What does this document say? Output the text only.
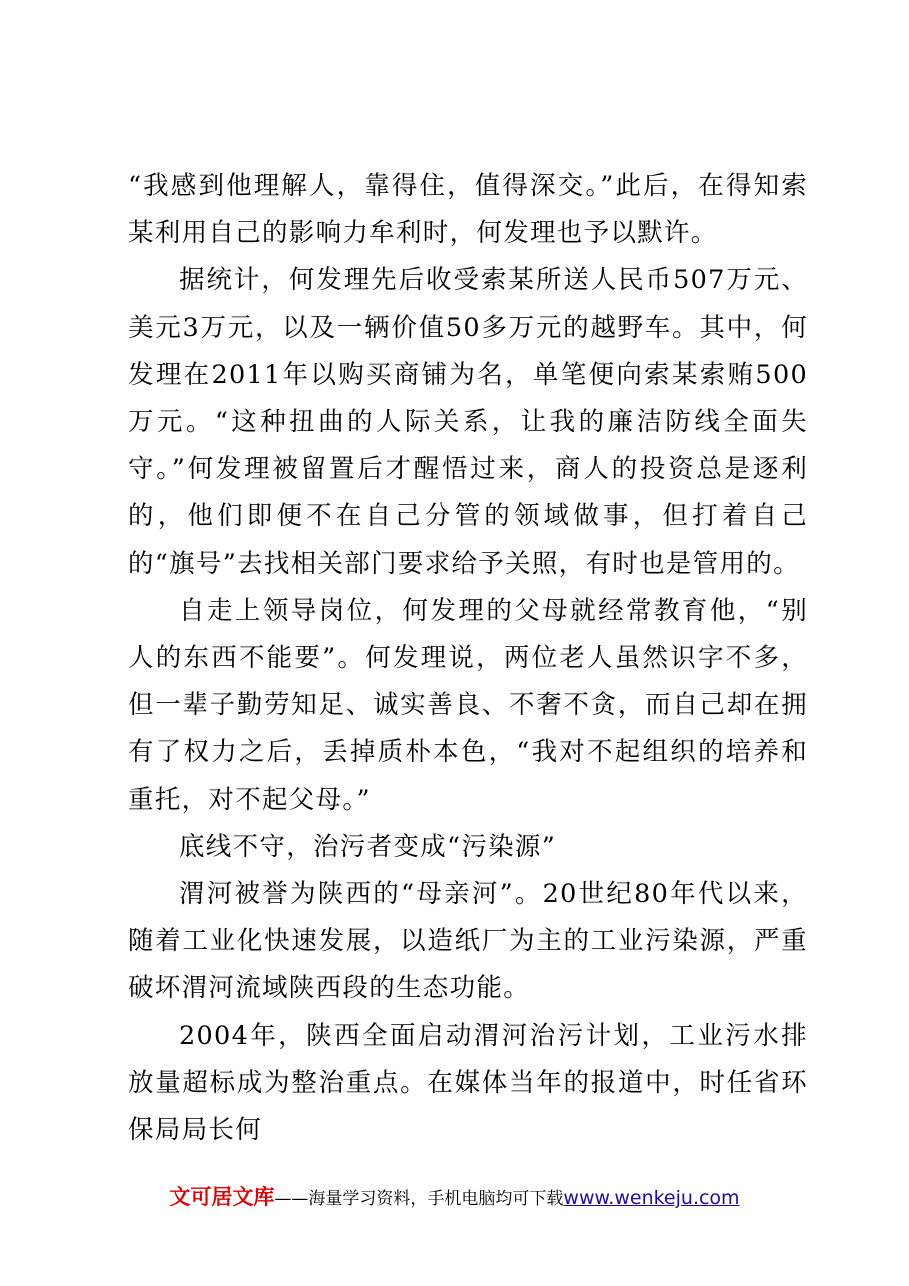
“我感到他理解人，靠得住，值得深交。”此后，在得知索某利用自己的影响力牟利时，何发理也予以默许。

据统计，何发理先后收受索某所送人民币507万元、美元3万元，以及一辆价值50多万元的越野车。其中，何发理在2011年以购买商铺为名，单笔便向索某索贿500万元。“这种扭曲的人际关系，让我的廉洁防线全面失守。”何发理被留置后才醒悟过来，商人的投资总是逐利的，他们即便不在自己分管的领域做事，但打着自己的“旗号”去找相关部门要求给予关照，有时也是管用的。

自走上领导岗位，何发理的父母就经常教育他，“别人的东西不能要”。何发理说，两位老人虽然识字不多，但一辈子勤劳知足、诚实善良、不奢不贪，而自己却在拥有了权力之后，丢掉质朴本色，“我对不起组织的培养和重托，对不起父母。”

底线不守，治污者变成“污染源”

渭河被誉为陕西的“母亲河”。20世纪80年代以来，随着工业化快速发展，以造纸厂为主的工业污染源，严重破坏渭河流域陕西段的生态功能。

2004年，陕西全面启动渭河治污计划，工业污水排放量超标成为整治重点。在媒体当年的报道中，时任省环保局局长何

文可居文库——海量学习资料，手机电脑均可下载www.wenkeju.com
